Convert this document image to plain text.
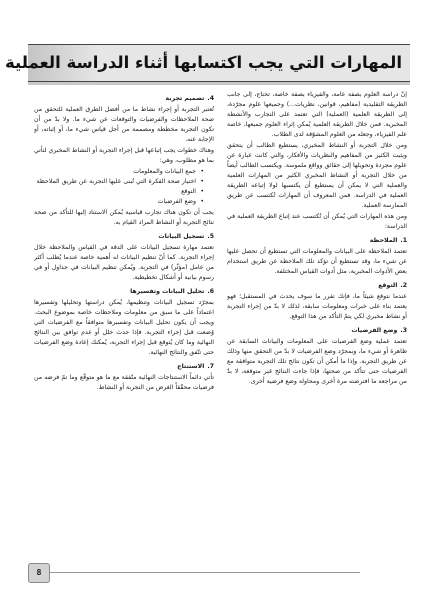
المهارات التي يجب اكتسابها أثناء الدراسة العملية

إنّ دراسة العلوم بصفة عامة، والفيزياء بصفة خاصة، تحتاج، إلى جانب الطريقة التقليدية (مفاهيم، قوانين، نظريات...) وجميعها علوم مجرّدة، إلى الطريقة العلمية (العملية) التي تعتمد على التجارب والأنشطة المخبرية. فمن خلال الطريقة العلمية يُمكن إثراء العلوم جميعها، خاصة علم الفيزياء، وجعله من العلوم المشوّقة لدى الطلاب.

ومن خلال التجربة أو النشاط المخبري، يستطيع الطالب أن يتحقق ويثبت الكثير من المفاهيم والنظريات والأفكار، والتي كانت عبارة عن علوم مجردة وتحويلها إلى حقائق وواقع ملموسة. ويكتسب الطالب أيضاً من خلال التجربة أو النشاط المخبري الكثير من المهارات العلمية والعملية التي لا يمكن أن يستطيع أن يكتسبها لولا إتباعه الطريقة العملية في الدراسة. فمن المعروف أن المهارات تُكتسب عن طريق الممارسة العملية.

ومن هذه المهارات التي يُمكن أن تُكتسب عند إتباع الطريقة العملية في الدراسة:

1.
الملاحظة

تعتمد الملاحظة على البيانات والمعلومات التي تستطيع أن تحصل عليها عن شيء ما، وقد تستطيع أن تؤكد تلك الملاحظة عن طريق استخدام بعض الأدوات المخبرية، مثل أدوات القياس المختلفة.

2.
التوقع

عندما نتوقع شيئاً ما، فإنك تقرر ما سوف يحدث في المستقبل؛ فهو يعتمد بناء على خبرات ومعلومات سابقة، لذلك لا بدّ من إجراء التجربة أو نشاط مخبري لكي يتمّ التأكد من هذا التوقع.

3.
وضع الفرضيات

تعتمد عملية وضع الفرضيات على المعلومات والبيانات السابقة عن ظاهرة أو شيء ما، وبمجرّد وضع الفرضيات لا بدّ من التحقق منها وذلك عن طريق التجربة. وإذا ما أمكن أن تكون نتائج تلك التجربة متوافقة مع الفرضيات حتى تتأكد من صحتها، فإذا جاءت النتائج غير متوقعة، لا بدّ من مراجعة ما افترضته مرة أخرى ومحاولة وضع فرضية أخرى.

4.
تصميم تجربة

تُعتبر التجربة أو إجراء نشاط ما من أفضل الطرق العملية للتحقق من صحة الملاحظات والفرضيات والتوقعات عن شيء ما. ولا بدّ من أن تكون التجربة مخططة ومصممة من أجل قياس شيء ما، أو إثباته، أو الإجابة عنه.

وهناك خطوات يجب إتباعها قبل إجراء التجربة أو النشاط المخبري لتأتي بما هو مطلوب، وهي:

• جمع البيانات والمعلومات
• اختيار صحة الفكرة التي تُبنى عليها التجربة عن طريق الملاحظة
• التوقع
• وضع الفرضيات

يجب أن تكون هناك تجارب قياسية يُمكن الاستناد إليها للتأكد من صحة نتائج التجربة أو النشاط المراد القيام به.

5.
تسجيل البيانات

تعتمد مهارة تسجيل البيانات على الدقة في القياس والملاحظة خلال إجراء التجربة. كما أنّ تنظيم البيانات له أهمية خاصة عندما يُطلب أكثر من عامل (مؤثّر) في التجربة. ويُمكن تنظيم البيانات في جداول أو في رسوم بيانية أو أشكال تخطيطية.

6.
تحليل البيانات وتفسيرها

بمجرّد تسجيل البيانات وتنظيمها، يُمكن دراستها وتحليلها وتفسيرها اعتماداً على ما سبق من معلومات وملاحظات خاصة بموضوع البحث. ويجب أن يكون تحليل البيانات وتفسيرها متوافقاً مع الفرضيات التي وُضعت قبل إجراء التجربة. فإذا حدث خلل أو عدم توافق بين النتائج النهائية وما كان يُتوقع قبل إجراء التجربة، يُمكنك إعادة وضع الفرضيات حتى تتّفق والنتائج النهائية.

7.
الاستنتاج

تأتي دائماً الاستنتاجات النهائية متّفقة مع ما هو متوقّع وما تمّ فرضه من فرضيات محقّقاً الغرض من التجربة أو النشاط.

8
